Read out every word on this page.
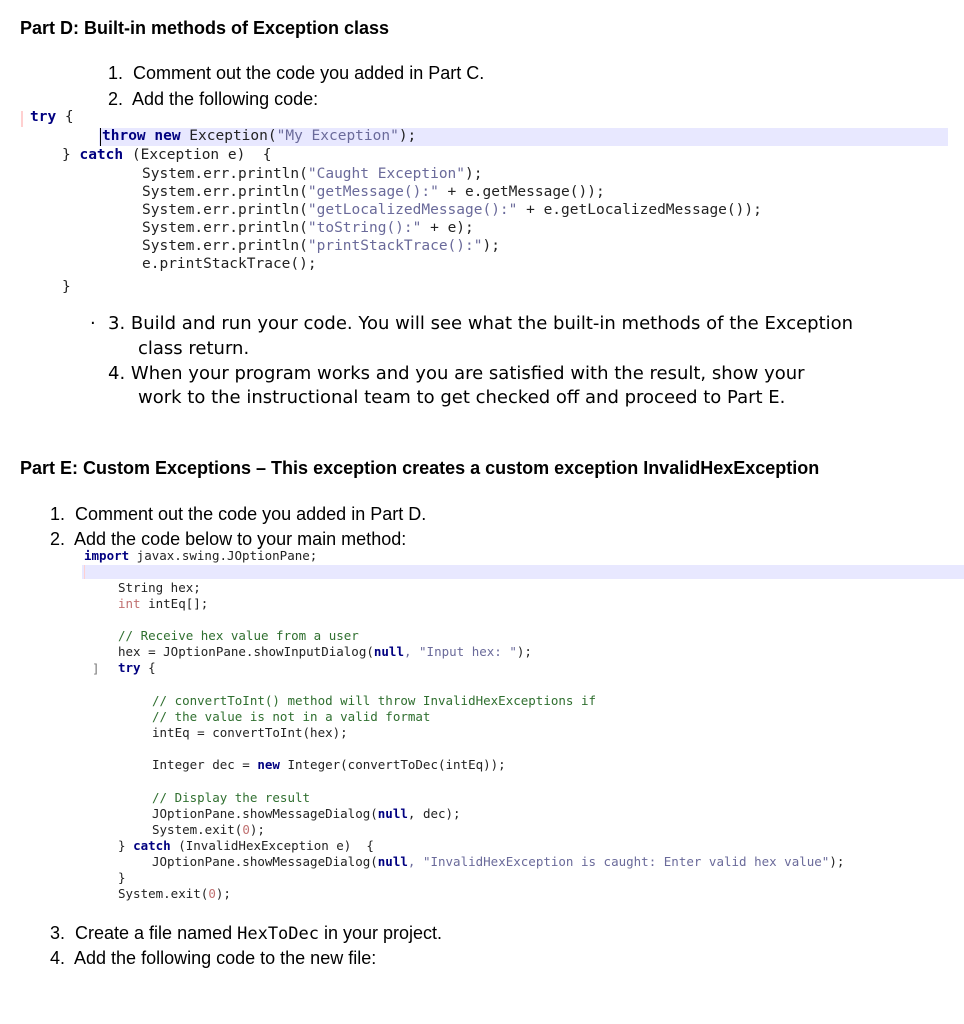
Part D: Built-in methods of Exception class
1.  Comment out the code you added in Part C.
2.  Add the following code:
try {
throw new Exception("My Exception");
} catch (Exception e)  {
System.err.println("Caught Exception");
System.err.println("getMessage():" + e.getMessage());
System.err.println("getLocalizedMessage():" + e.getLocalizedMessage());
System.err.println("toString():" + e);
System.err.println("printStackTrace():");
e.printStackTrace();
}
· 3. Build and run your code. You will see what the built-in methods of the Exception
class return.
4. When your program works and you are satisfied with the result, show your
work to the instructional team to get checked off and proceed to Part E.
Part E: Custom Exceptions – This exception creates a custom exception InvalidHexException
1.  Comment out the code you added in Part D.
2.  Add the code below to your main method:
]
import javax.swing.JOptionPane;
String hex;
int intEq[];
// Receive hex value from a user
hex = JOptionPane.showInputDialog(null, "Input hex: ");
try {
// convertToInt() method will throw InvalidHexExceptions if
// the value is not in a valid format
intEq = convertToInt(hex);
Integer dec = new Integer(convertToDec(intEq));
// Display the result
JOptionPane.showMessageDialog(null, dec);
System.exit(0);
} catch (InvalidHexException e)  {
JOptionPane.showMessageDialog(null, "InvalidHexException is caught: Enter valid hex value");
}
System.exit(0);
3.  Create a file named HexToDec in your project.
4.  Add the following code to the new file:
